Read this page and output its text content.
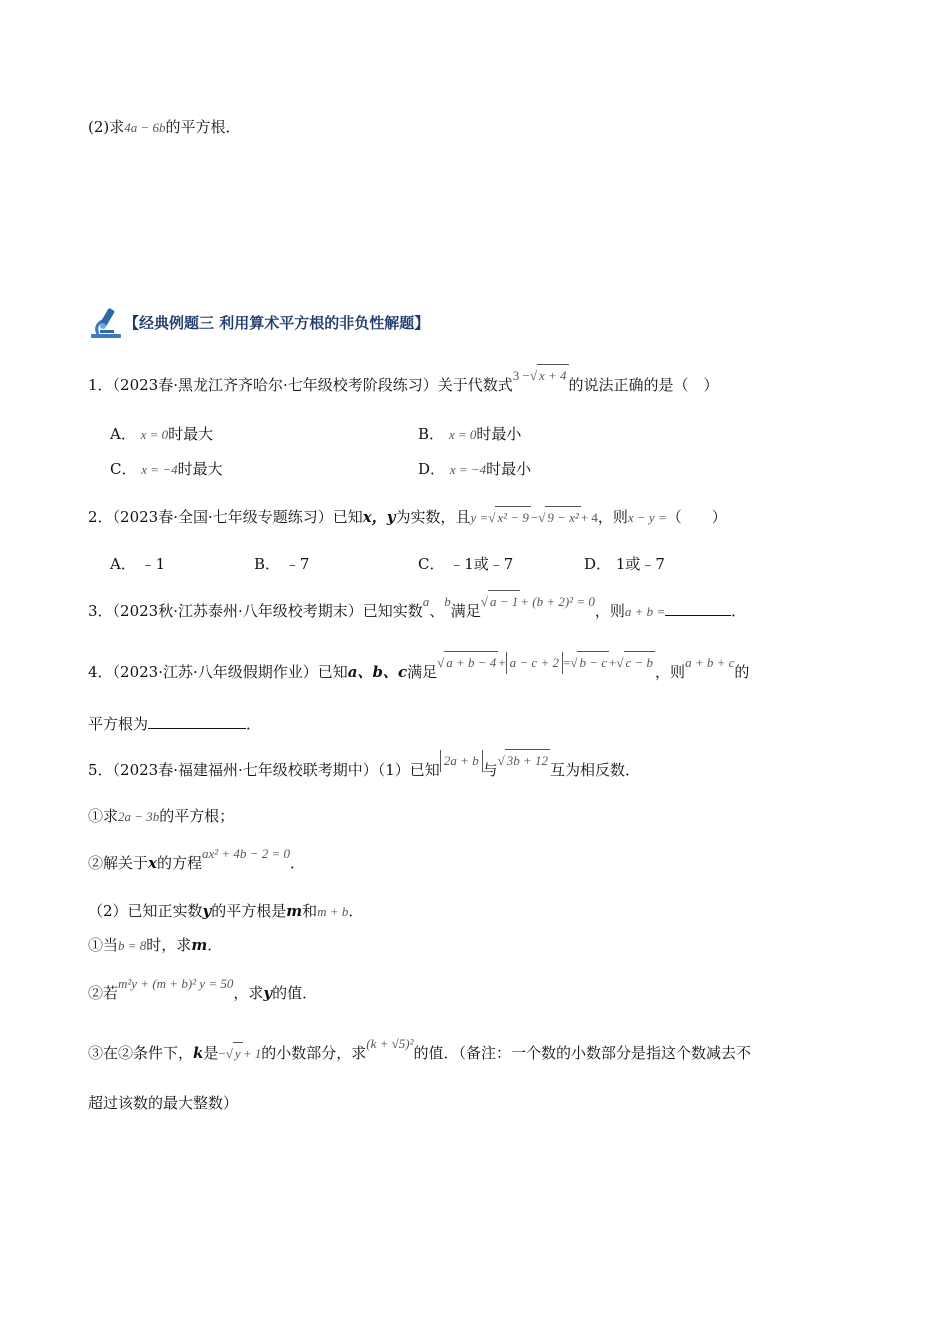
(2)求4a − 6b的平方根．
【经典例题三 利用算术平方根的非负性解题】
1．（2023春·黑龙江齐齐哈尔·七年级校考阶段练习）关于代数式3 −√ x + 4的说法正确的是（　）
A． x = 0时最大	B． x = 0时最小
C． x = −4时最大	D． x = −4时最小
2．（2023春·全国·七年级专题练习）已知x，y为实数，且y =√ x² − 9 −√ 9 − x² + 4，则x − y =（　　）
A． ﹣1	B． ﹣7	C． ﹣1或﹣7	D． 1或﹣7
3．（2023秋·江苏泰州·八年级校考期末）已知实数a、b满足√ a − 1 + (b + 2)² = 0，则a + b =	．
4．（2023·江苏·八年级假期作业）已知a、b、c满足√ a + b − 4 + a − c + 2 =√ b − c +√ c − b，则a + b + c的
平方根为	．
5．（2023春·福建福州·七年级校联考期中）（1）已知2a + b与√ 3b + 12互为相反数．
①求2a − 3b的平方根；
②解关于x的方程ax² + 4b − 2 = 0．
（2）已知正实数y的平方根是m和m + b．
①当b = 8时，求m．
②若m²y + (m + b)² y = 50，求y的值．
③在②条件下，k是−√ y + 1的小数部分，求(k + √5)²的值．（备注：一个数的小数部分是指这个数减去不
超过该数的最大整数）
